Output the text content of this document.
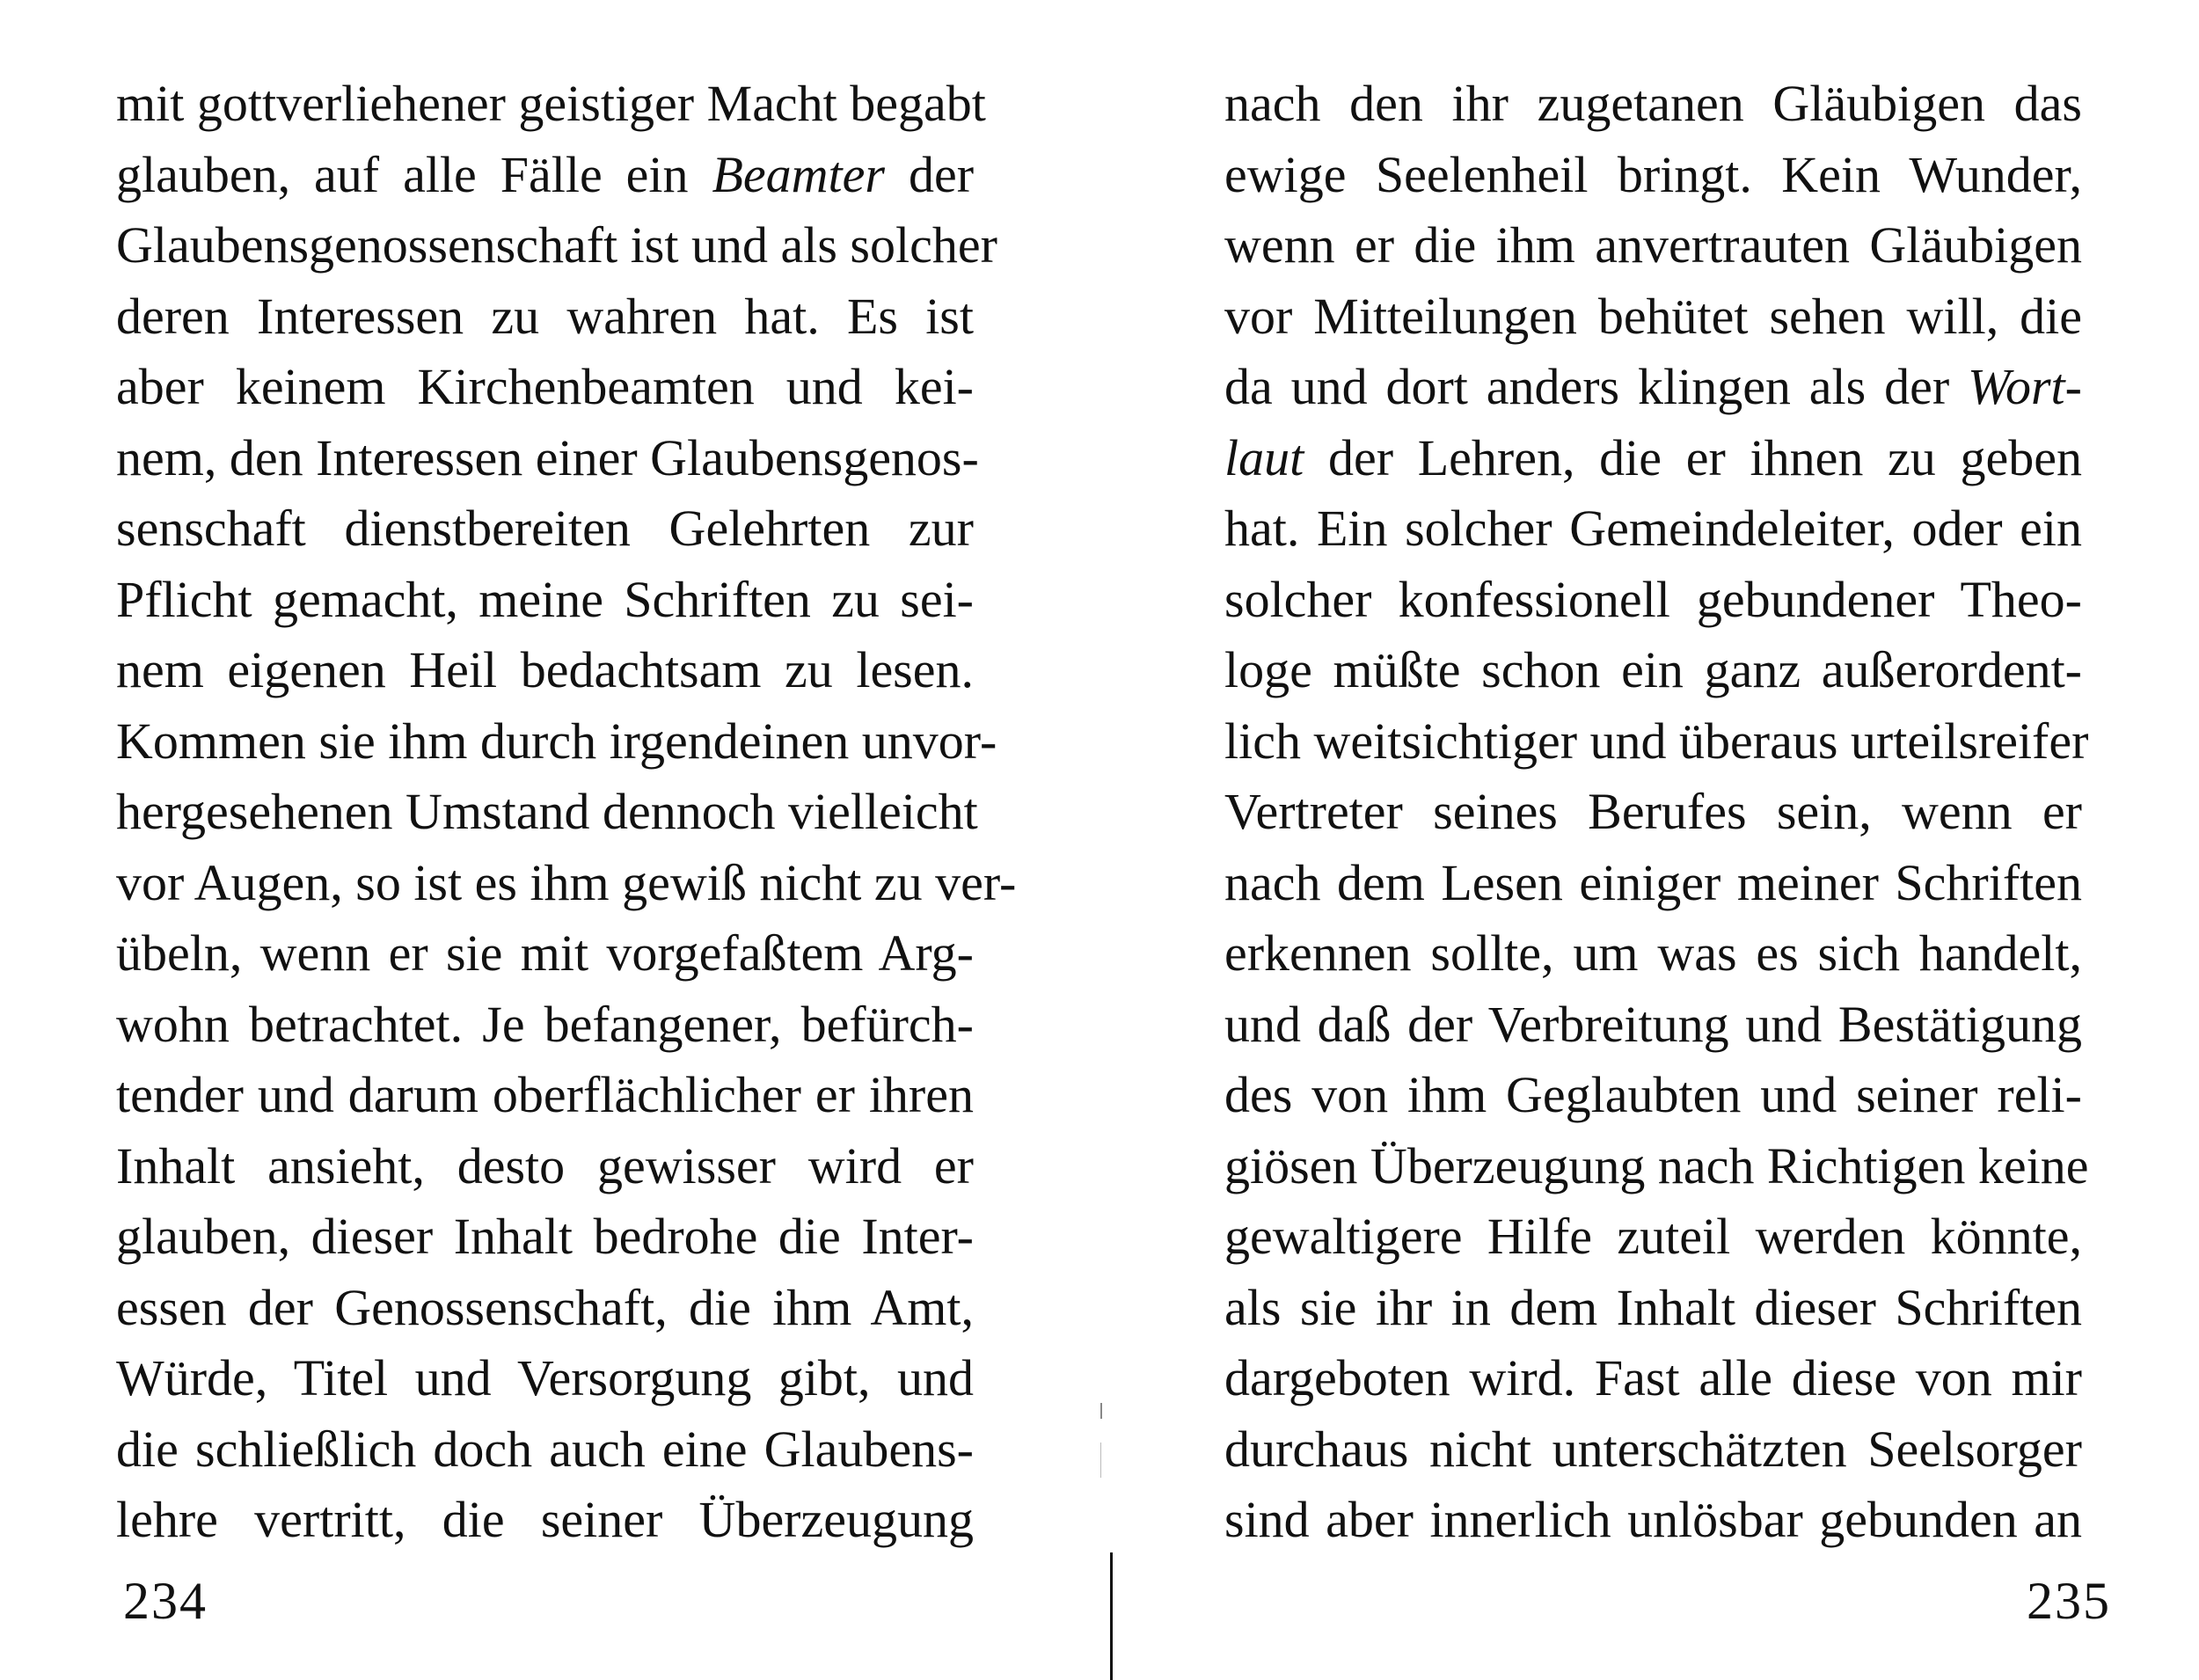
mit gottverliehener geistiger Macht begabt
glauben, auf alle Fälle ein Beamter der
Glaubensgenossenschaft ist und als solcher
deren Interessen zu wahren hat. Es ist
aber keinem Kirchenbeamten und kei-
nem, den Interessen einer Glaubensgenos-
senschaft dienstbereiten Gelehrten zur
Pflicht gemacht, meine Schriften zu sei-
nem eigenen Heil bedachtsam zu lesen.
Kommen sie ihm durch irgendeinen unvor-
hergesehenen Umstand dennoch vielleicht
vor Augen, so ist es ihm gewiß nicht zu ver-
übeln, wenn er sie mit vorgefaßtem Arg-
wohn betrachtet. Je befangener, befürch-
tender und darum oberflächlicher er ihren
Inhalt ansieht, desto gewisser wird er
glauben, dieser Inhalt bedrohe die Inter-
essen der Genossenschaft, die ihm Amt,
Würde, Titel und Versorgung gibt, und
die schließlich doch auch eine Glaubens-
lehre vertritt, die seiner Überzeugung
234
nach den ihr zugetanen Gläubigen das
ewige Seelenheil bringt. Kein Wunder,
wenn er die ihm anvertrauten Gläubigen
vor Mitteilungen behütet sehen will, die
da und dort anders klingen als der Wort-
laut der Lehren, die er ihnen zu geben
hat. Ein solcher Gemeindeleiter, oder ein
solcher konfessionell gebundener Theo-
loge müßte schon ein ganz außerordent-
lich weitsichtiger und überaus urteilsreifer
Vertreter seines Berufes sein, wenn er
nach dem Lesen einiger meiner Schriften
erkennen sollte, um was es sich handelt,
und daß der Verbreitung und Bestätigung
des von ihm Geglaubten und seiner reli-
giösen Überzeugung nach Richtigen keine
gewaltigere Hilfe zuteil werden könnte,
als sie ihr in dem Inhalt dieser Schriften
dargeboten wird. Fast alle diese von mir
durchaus nicht unterschätzten Seelsorger
sind aber innerlich unlösbar gebunden an
235
